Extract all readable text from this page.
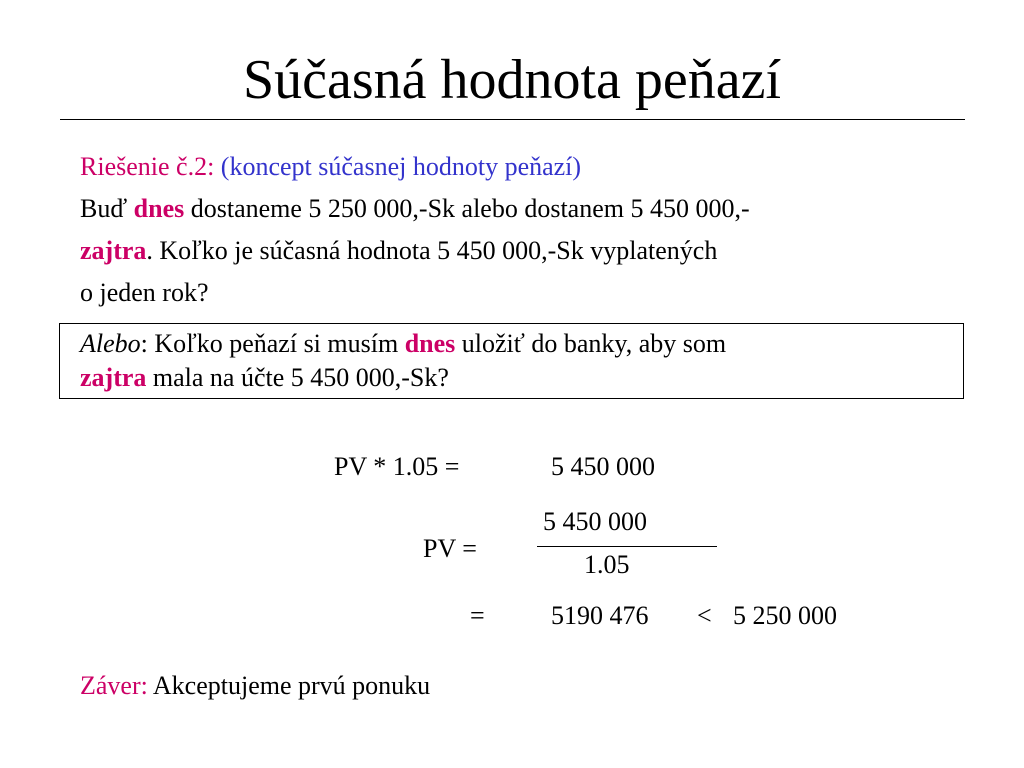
Súčasná hodnota peňazí
Riešenie č.2: (koncept súčasnej hodnoty peňazí)
Buď dnes dostaneme 5 250 000,-Sk alebo dostanem 5 450 000,-
zajtra. Koľko je súčasná hodnota 5 450 000,-Sk vyplatených
o jeden rok?
Alebo: Koľko peňazí si musím dnes uložiť do banky, aby som
zajtra mala na účte 5 450 000,-Sk?
PV * 1.05 =	5 450 000
5 450 000
PV =
1.05
=	5190 476 < 5 250 000
Záver: Akceptujeme prvú ponuku
